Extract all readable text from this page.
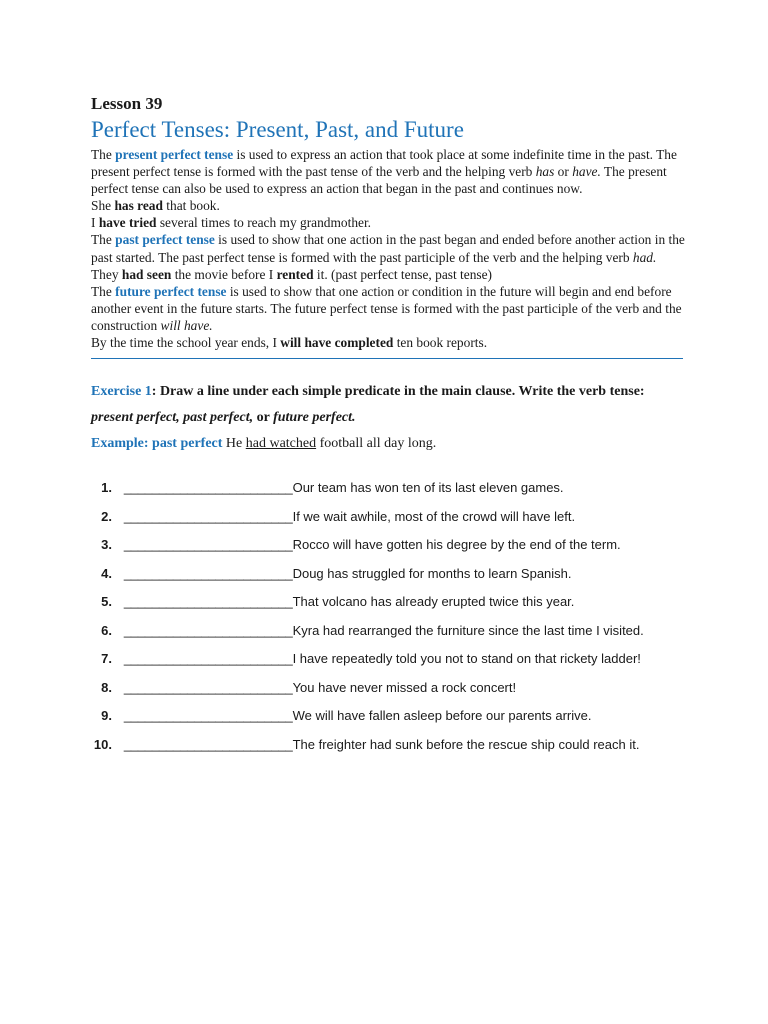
Lesson 39
Perfect Tenses: Present, Past, and Future

The present perfect tense is used to express an action that took place at some indefinite time in the past. The present perfect tense is formed with the past tense of the verb and the helping verb has or have. The present perfect tense can also be used to express an action that began in the past and continues now.

She has read that book.

I have tried several times to reach my grandmother.

The past perfect tense is used to show that one action in the past began and ended before another action in the past started. The past perfect tense is formed with the past participle of the verb and the helping verb had.

They had seen the movie before I rented it. (past perfect tense, past tense)

The future perfect tense is used to show that one action or condition in the future will begin and end before another event in the future starts. The future perfect tense is formed with the past participle of the verb and the construction will have.

By the time the school year ends, I will have completed ten book reports.

Exercise 1: Draw a line under each simple predicate in the main clause. Write the verb tense:
present perfect, past perfect, or future perfect.
Example: past perfect He had watched football all day long.
1.
________________________ Our team has won ten of its last eleven games.
2.
________________________ If we wait awhile, most of the crowd will have left.
3.
________________________ Rocco will have gotten his degree by the end of the term.
4.
________________________ Doug has struggled for months to learn Spanish.
5.
________________________ That volcano has already erupted twice this year.
6.
________________________ Kyra had rearranged the furniture since the last time I visited.
7.
________________________ I have repeatedly told you not to stand on that rickety ladder!
8.
________________________ You have never missed a rock concert!
9.
________________________ We will have fallen asleep before our parents arrive.
10.
________________________ The freighter had sunk before the rescue ship could reach it.
